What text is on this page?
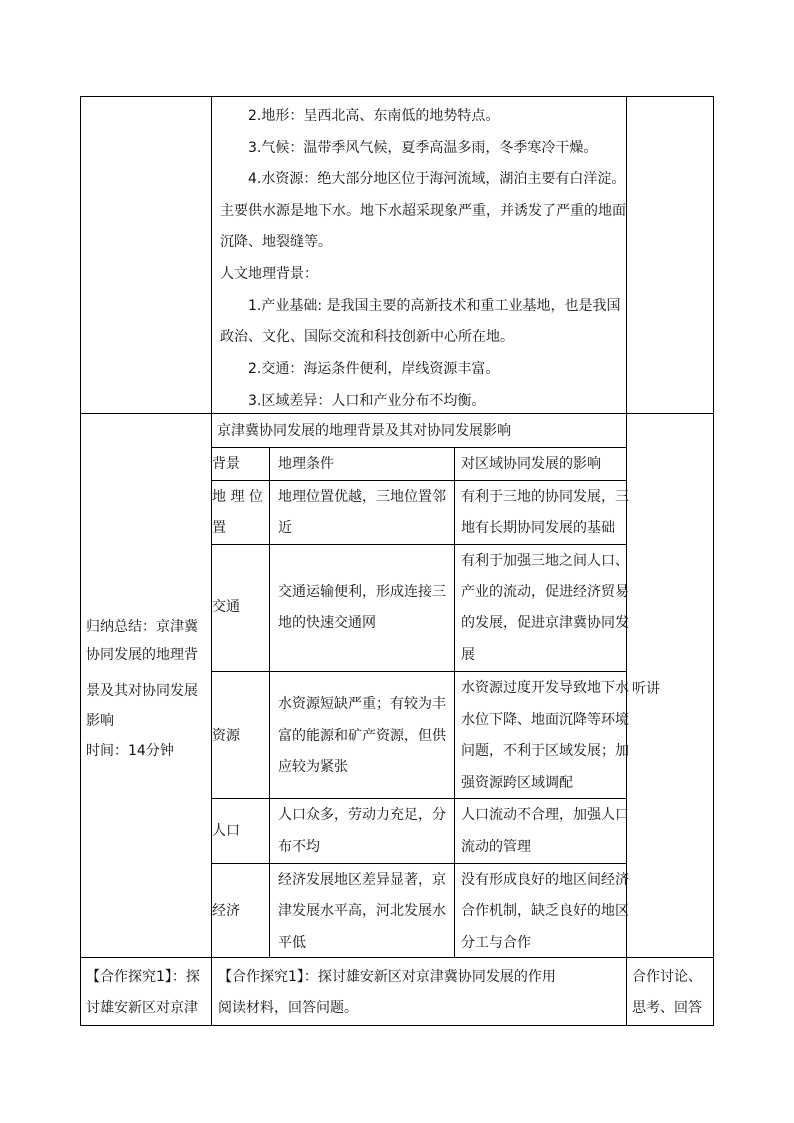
2.地形：呈西北高、东南低的地势特点。
3.气候：温带季风气候，夏季高温多雨，冬季寒冷干燥。
4.水资源：绝大部分地区位于海河流域，湖泊主要有白洋淀。
主要供水源是地下水。地下水超采现象严重，并诱发了严重的地面
沉降、地裂缝等。
人文地理背景：
1.产业基础: 是我国主要的高新技术和重工业基地，也是我国
政治、文化、国际交流和科技创新中心所在地。
2.交通：海运条件便利，岸线资源丰富。
3.区域差异：人口和产业分布不均衡。
归纳总结：京津冀
协同发展的地理背
景及其对协同发展
影响
时间：14分钟
听讲
京津冀协同发展的地理背景及其对协同发展影响
背景	地理条件	对区域协同发展的影响
地 理 位
置
地理位置优越，三地位置邻
近
有利于三地的协同发展，三
地有长期协同发展的基础
交通
交通运输便利，形成连接三
地的快速交通网
有利于加强三地之间人口、
产业的流动，促进经济贸易
的发展，促进京津冀协同发
展
资源
水资源短缺严重；有较为丰
富的能源和矿产资源，但供
应较为紧张
水资源过度开发导致地下水
水位下降、地面沉降等环境
问题，不利于区域发展；加
强资源跨区域调配
人口
人口众多，劳动力充足，分
布不均
人口流动不合理，加强人口
流动的管理
经济
经济发展地区差异显著，京
津发展水平高，河北发展水
平低
没有形成良好的地区间经济
合作机制，缺乏良好的地区
分工与合作
【合作探究1】：探
讨雄安新区对京津
【合作探究1】：探讨雄安新区对京津冀协同发展的作用
阅读材料，回答问题。
合作讨论、
思考、回答
